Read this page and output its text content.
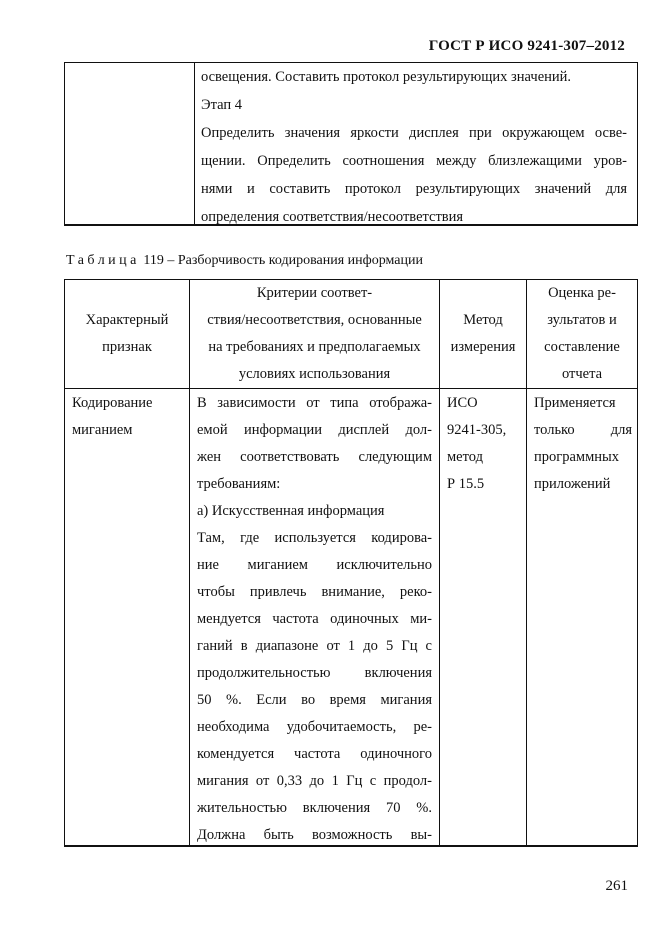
ГОСТ Р ИСО 9241-307–2012
освещения. Составить протокол результирующих значений.
Этап 4
Определить значения яркости дисплея при окружающем осве-
щении. Определить соотношения между близлежащими уров-
нями и составить протокол результирующих значений для
определения соответствия/несоответствия
Таблица 119 – Разборчивость кодирования информации
Характерный
признак
Критерии соответ-
ствия/несоответствия, основанные
на требованиях и предполагаемых
условиях использования
Метод
измерения
Оценка ре-
зультатов и
составление
отчета
Кодирование
миганием
В зависимости от типа отобража-
емой информации дисплей дол-
жен соответствовать следующим
требованиям:
а) Искусственная информация
Там, где используется кодирова-
ние миганием исключительно
чтобы привлечь внимание, реко-
мендуется частота одиночных ми-
ганий в диапазоне от 1 до 5 Гц с
продолжительностью включения
50 %. Если во время мигания
необходима удобочитаемость, ре-
комендуется частота одиночного
мигания от 0,33 до 1 Гц с продол-
жительностью включения 70 %.
Должна быть возможность вы-
ИСО
9241-305,
метод
Р 15.5
Применяется
только для
программных
приложений
261
